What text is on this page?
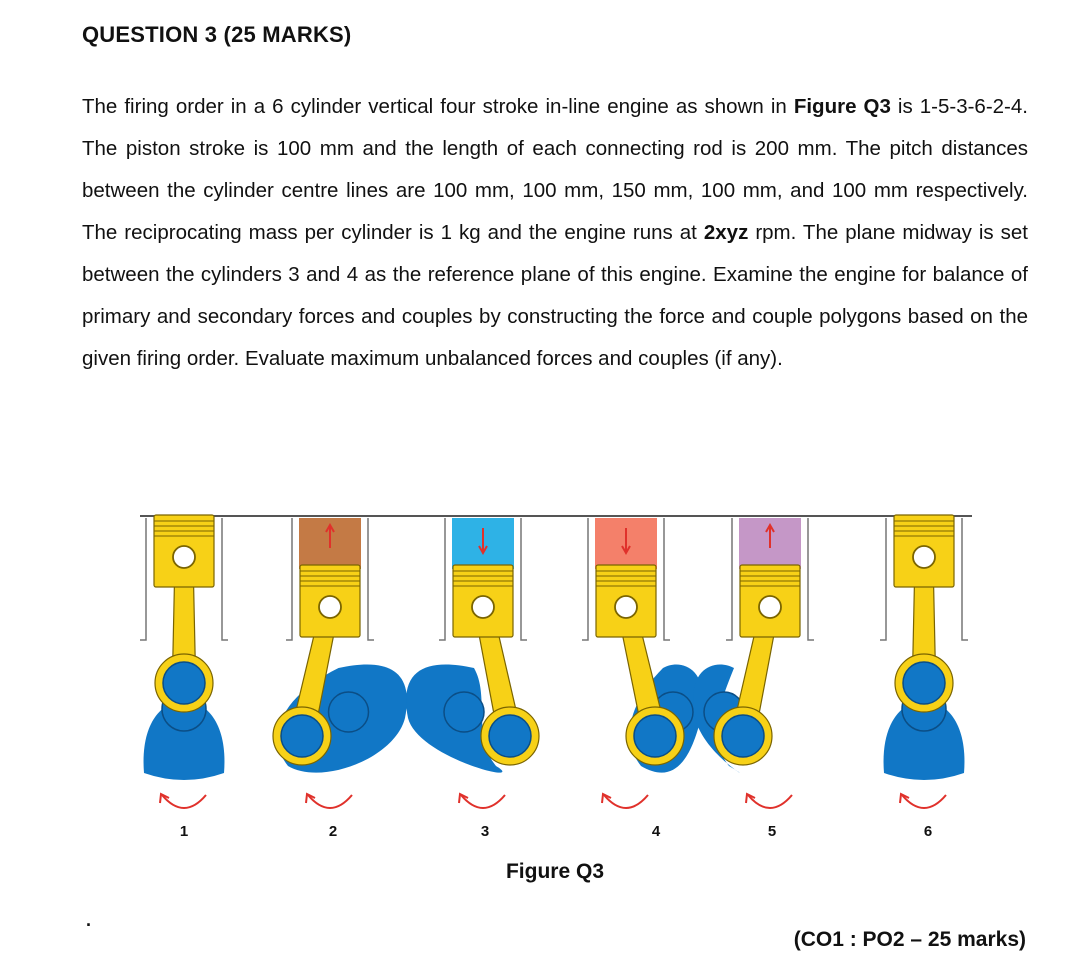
QUESTION 3 (25 MARKS)
The firing order in a 6 cylinder vertical four stroke in-line engine as shown in Figure Q3 is 1-5-3-6-2-4. The piston stroke is 100 mm and the length of each connecting rod is 200 mm. The pitch distances between the cylinder centre lines are 100 mm, 100 mm, 150 mm, 100 mm, and 100 mm respectively. The reciprocating mass per cylinder is 1 kg and the engine runs at 2xyz rpm. The plane midway is set between the cylinders 3 and 4 as the reference plane of this engine. Examine the engine for balance of primary and secondary forces and couples by constructing the force and couple polygons based on the given firing order. Evaluate maximum unbalanced forces and couples (if any).
1	2	3	4	5	6
Figure Q3
.
(CO1 : PO2 – 25 marks)
